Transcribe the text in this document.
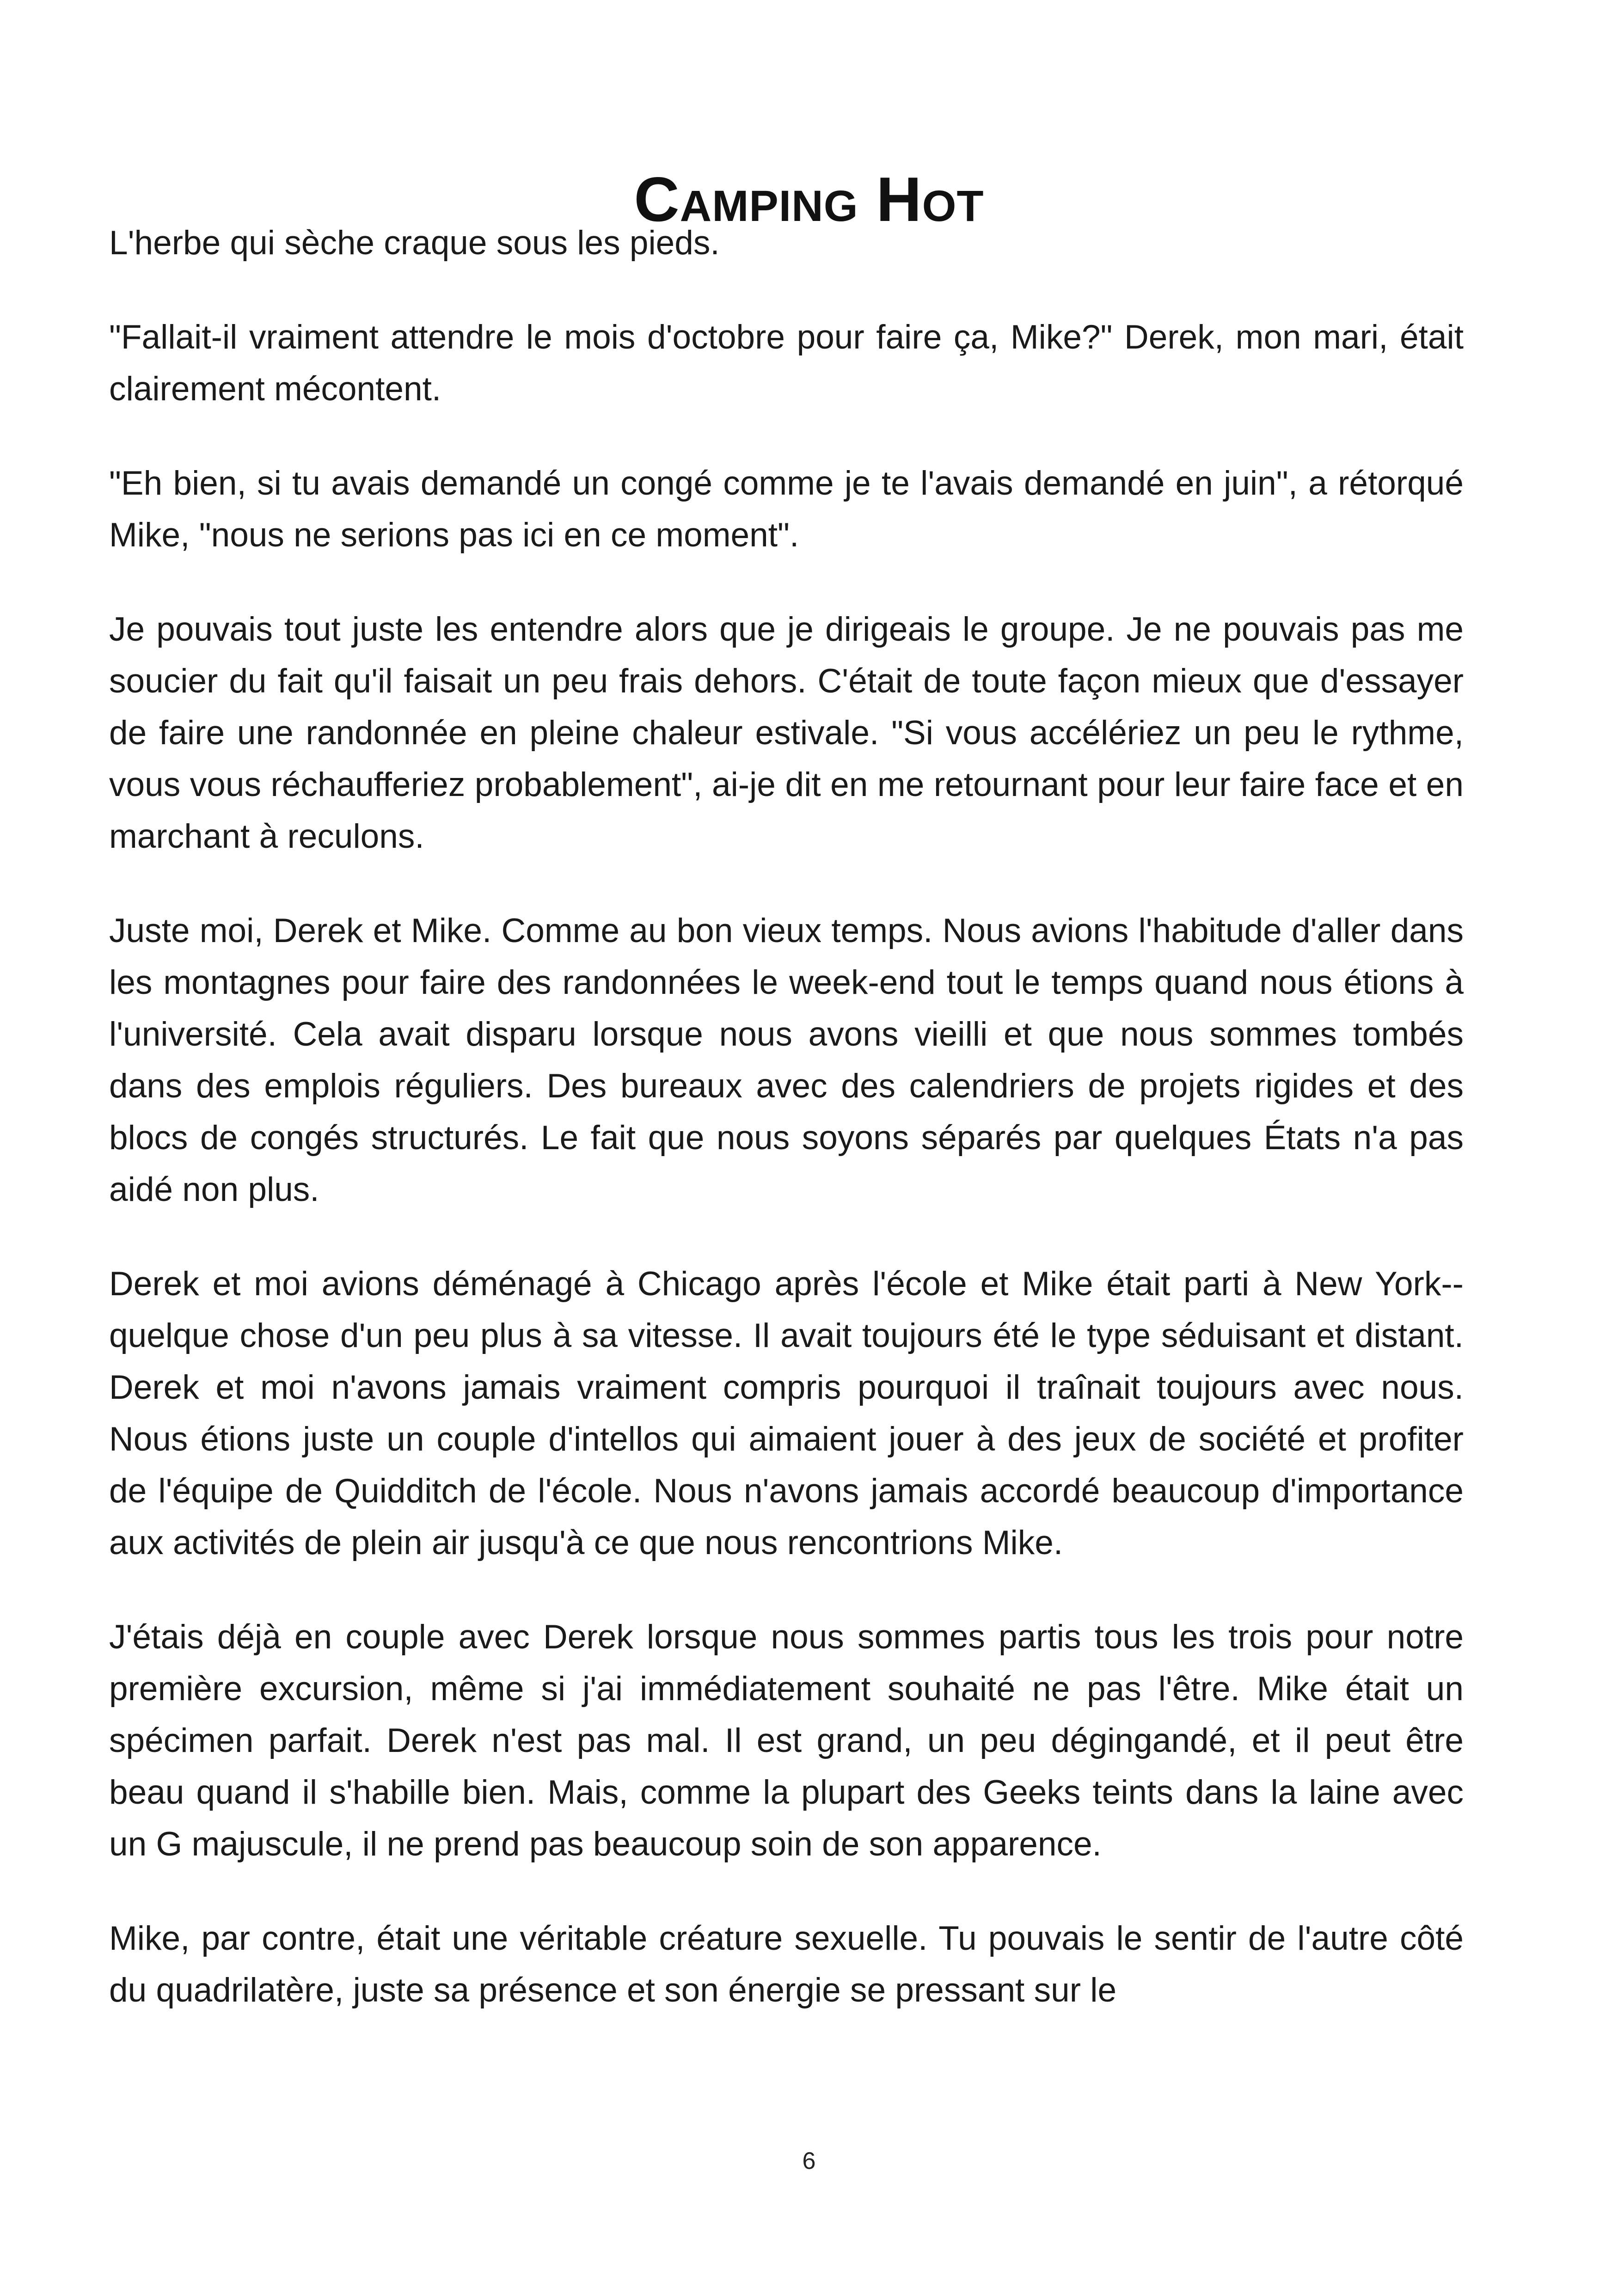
Camping Hot

L'herbe qui sèche craque sous les pieds.

"Fallait-il vraiment attendre le mois d'octobre pour faire ça, Mike?" Derek, mon mari, était clairement mécontent.

"Eh bien, si tu avais demandé un congé comme je te l'avais demandé en juin", a rétorqué Mike, "nous ne serions pas ici en ce moment".

Je pouvais tout juste les entendre alors que je dirigeais le groupe. Je ne pouvais pas me soucier du fait qu'il faisait un peu frais dehors. C'était de toute façon mieux que d'essayer de faire une randonnée en pleine chaleur estivale. "Si vous accélériez un peu le rythme, vous vous réchaufferiez probablement", ai-je dit en me retournant pour leur faire face et en marchant à reculons.

Juste moi, Derek et Mike. Comme au bon vieux temps. Nous avions l'habitude d'aller dans les montagnes pour faire des randonnées le week-end tout le temps quand nous étions à l'université. Cela avait disparu lorsque nous avons vieilli et que nous sommes tombés dans des emplois réguliers. Des bureaux avec des calendriers de projets rigides et des blocs de congés structurés. Le fait que nous soyons séparés par quelques États n'a pas aidé non plus.

Derek et moi avions déménagé à Chicago après l'école et Mike était parti à New York--quelque chose d'un peu plus à sa vitesse. Il avait toujours été le type séduisant et distant. Derek et moi n'avons jamais vraiment compris pourquoi il traînait toujours avec nous. Nous étions juste un couple d'intellos qui aimaient jouer à des jeux de société et profiter de l'équipe de Quidditch de l'école. Nous n'avons jamais accordé beaucoup d'importance aux activités de plein air jusqu'à ce que nous rencontrions Mike.

J'étais déjà en couple avec Derek lorsque nous sommes partis tous les trois pour notre première excursion, même si j'ai immédiatement souhaité ne pas l'être. Mike était un spécimen parfait. Derek n'est pas mal. Il est grand, un peu dégingandé, et il peut être beau quand il s'habille bien. Mais, comme la plupart des Geeks teints dans la laine avec un G majuscule, il ne prend pas beaucoup soin de son apparence.

Mike, par contre, était une véritable créature sexuelle. Tu pouvais le sentir de l'autre côté du quadrilatère, juste sa présence et son énergie se pressant sur le

6
